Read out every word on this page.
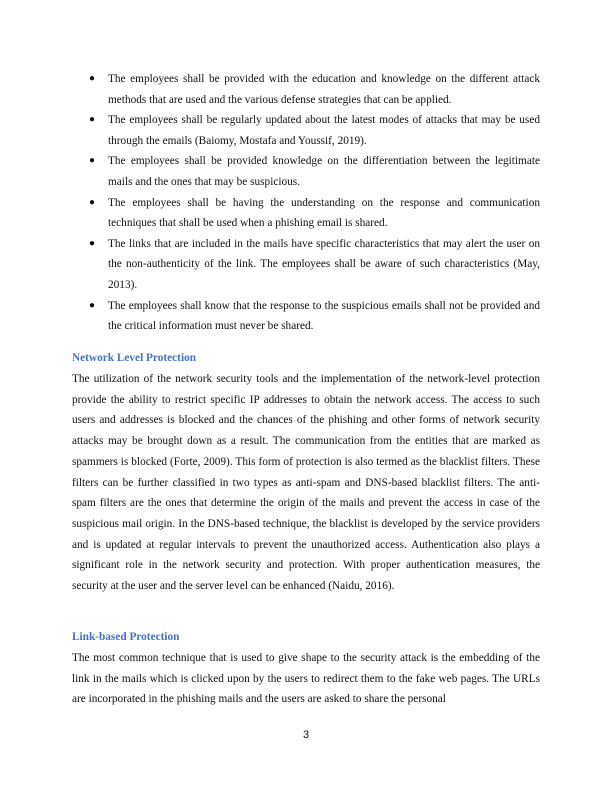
● The employees shall be provided with the education and knowledge on the different attack methods that are used and the various defense strategies that can be applied.
● The employees shall be regularly updated about the latest modes of attacks that may be used through the emails (Baiomy, Mostafa and Youssif, 2019).
● The employees shall be provided knowledge on the differentiation between the legitimate mails and the ones that may be suspicious.
● The employees shall be having the understanding on the response and communication techniques that shall be used when a phishing email is shared.
● The links that are included in the mails have specific characteristics that may alert the user on the non-authenticity of the link. The employees shall be aware of such characteristics (May, 2013).
● The employees shall know that the response to the suspicious emails shall not be provided and the critical information must never be shared.
Network Level Protection

The utilization of the network security tools and the implementation of the network-level protection provide the ability to restrict specific IP addresses to obtain the network access. The access to such users and addresses is blocked and the chances of the phishing and other forms of network security attacks may be brought down as a result. The communication from the entities that are marked as spammers is blocked (Forte, 2009). This form of protection is also termed as the blacklist filters. These filters can be further classified in two types as anti-spam and DNS-based blacklist filters. The anti-spam filters are the ones that determine the origin of the mails and prevent the access in case of the suspicious mail origin. In the DNS-based technique, the blacklist is developed by the service providers and is updated at regular intervals to prevent the unauthorized access. Authentication also plays a significant role in the network security and protection. With proper authentication measures, the security at the user and the server level can be enhanced (Naidu, 2016).

Link-based Protection

The most common technique that is used to give shape to the security attack is the embedding of the link in the mails which is clicked upon by the users to redirect them to the fake web pages. The URLs are incorporated in the phishing mails and the users are asked to share the personal

3
